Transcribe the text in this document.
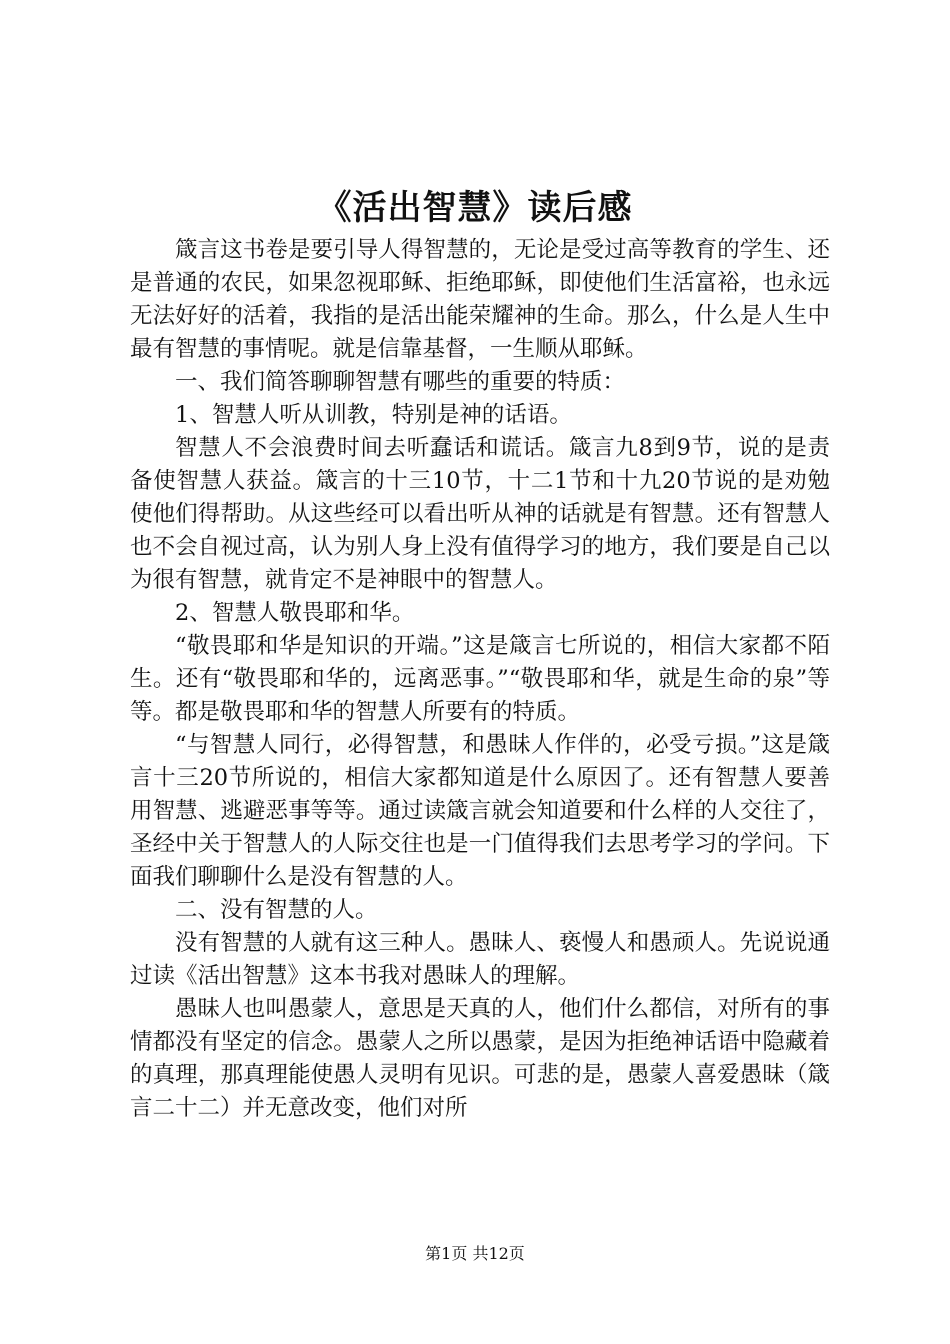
《活出智慧》读后感

箴言这书卷是要引导人得智慧的，无论是受过高等教育的学生、还是普通的农民，如果忽视耶稣、拒绝耶稣，即使他们生活富裕，也永远无法好好的活着，我指的是活出能荣耀神的生命。那么，什么是人生中最有智慧的事情呢。就是信靠基督，一生顺从耶稣。

一、我们简答聊聊智慧有哪些的重要的特质：

1、智慧人听从训教，特别是神的话语。

智慧人不会浪费时间去听蠢话和谎话。箴言九8到9节，说的是责备使智慧人获益。箴言的十三10节，十二1节和十九20节说的是劝勉使他们得帮助。从这些经可以看出听从神的话就是有智慧。还有智慧人也不会自视过高，认为别人身上没有值得学习的地方，我们要是自己以为很有智慧，就肯定不是神眼中的智慧人。

2、智慧人敬畏耶和华。

“敬畏耶和华是知识的开端。”这是箴言七所说的，相信大家都不陌生。还有“敬畏耶和华的，远离恶事。”“敬畏耶和华，就是生命的泉”等等。都是敬畏耶和华的智慧人所要有的特质。

“与智慧人同行，必得智慧，和愚昧人作伴的，必受亏损。”这是箴言十三20节所说的，相信大家都知道是什么原因了。还有智慧人要善用智慧、逃避恶事等等。通过读箴言就会知道要和什么样的人交往了，圣经中关于智慧人的人际交往也是一门值得我们去思考学习的学问。下面我们聊聊什么是没有智慧的人。

二、没有智慧的人。

没有智慧的人就有这三种人。愚昧人、亵慢人和愚顽人。先说说通过读《活出智慧》这本书我对愚昧人的理解。

愚昧人也叫愚蒙人，意思是天真的人，他们什么都信，对所有的事情都没有坚定的信念。愚蒙人之所以愚蒙，是因为拒绝神话语中隐藏着的真理，那真理能使愚人灵明有见识。可悲的是，愚蒙人喜爱愚昧（箴言二十二）并无意改变，他们对所

第1页 共12页
